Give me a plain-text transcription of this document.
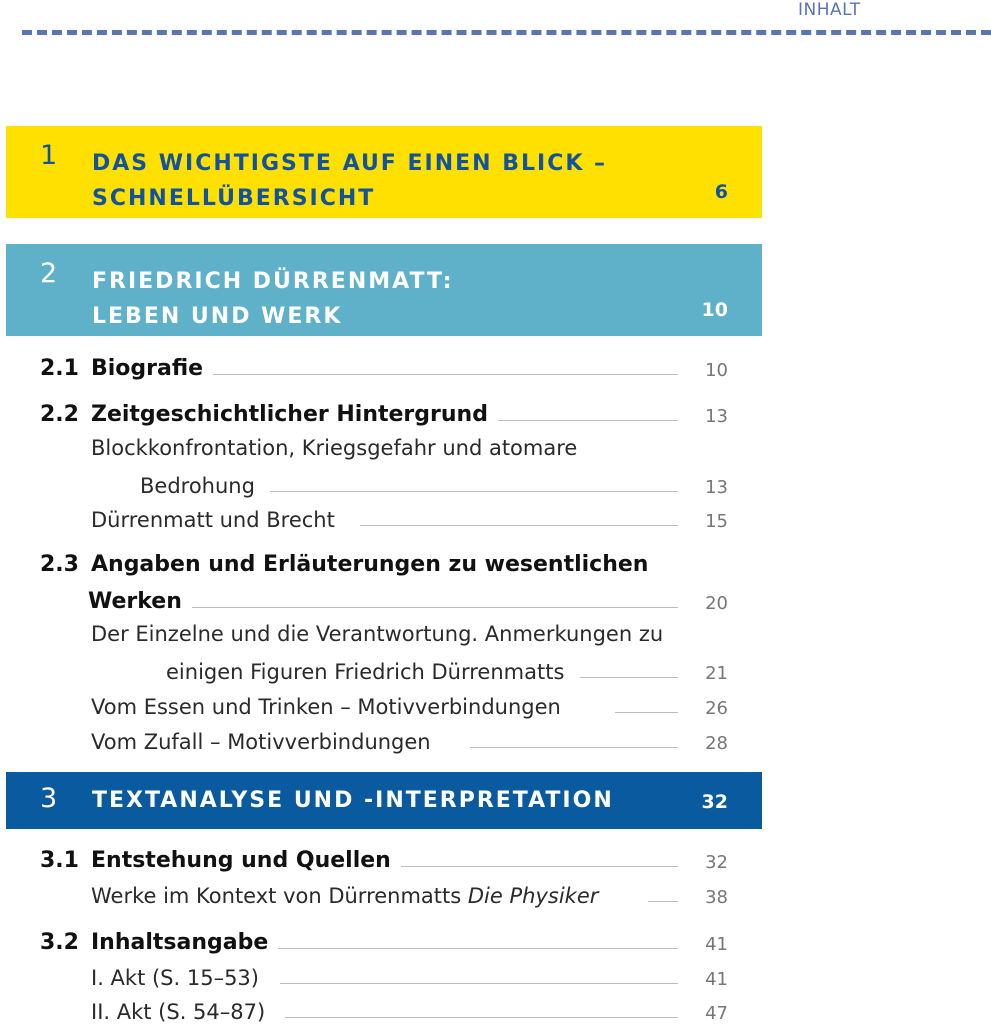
INHALT
1 DAS WICHTIGSTE AUF EINEN BLICK –
SCHNELLÜBERSICHT	6
2 FRIEDRICH DÜRRENMATT:
LEBEN UND WERK	10
2.1 Biografie	10
2.2 Zeitgeschichtlicher Hintergrund	13
Blockkonfrontation, Kriegsgefahr und atomare
Bedrohung	13
Dürrenmatt und Brecht	15
2.3 Angaben und Erläuterungen zu wesentlichen
Werken	20
Der Einzelne und die Verantwortung. Anmerkungen zu
einigen Figuren Friedrich Dürrenmatts	21
Vom Essen und Trinken – Motivverbindungen	26
Vom Zufall – Motivverbindungen	28
3 TEXTANALYSE UND -INTERPRETATION	32
3.1 Entstehung und Quellen	32
Werke im Kontext von Dürrenmatts Die Physiker	38
3.2 Inhaltsangabe	41
I. Akt (S. 15–53)	41
II. Akt (S. 54–87)	47
